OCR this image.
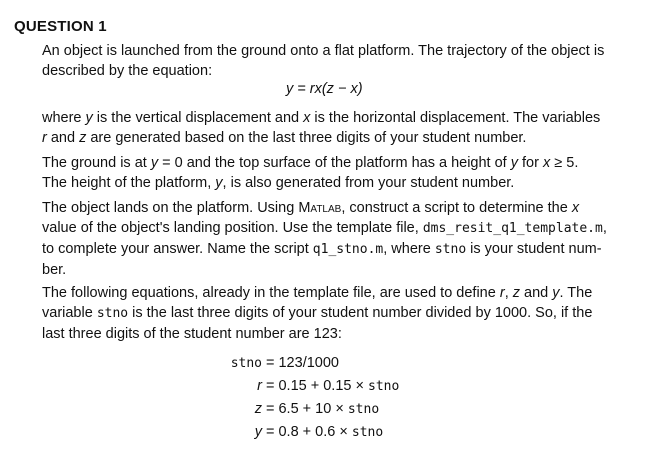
QUESTION 1
An object is launched from the ground onto a flat platform. The trajectory of the object is
described by the equation:
y = rx(z − x)
where y is the vertical displacement and x is the horizontal displacement. The variables
r and z are generated based on the last three digits of your student number.
The ground is at y = 0 and the top surface of the platform has a height of y for x ≥ 5.
The height of the platform, y, is also generated from your student number.
The object lands on the platform. Using Matlab, construct a script to determine the x
value of the object's landing position. Use the template file, dms_resit_q1_template.m,
to complete your answer. Name the script q1_stno.m, where stno is your student num-
ber.
The following equations, already in the template file, are used to define r, z and y. The
variable stno is the last three digits of your student number divided by 1000. So, if the
last three digits of the student number are 123:
stno = 123/1000
r = 0.15 + 0.15 × stno
z = 6.5 + 10 × stno
y = 0.8 + 0.6 × stno
